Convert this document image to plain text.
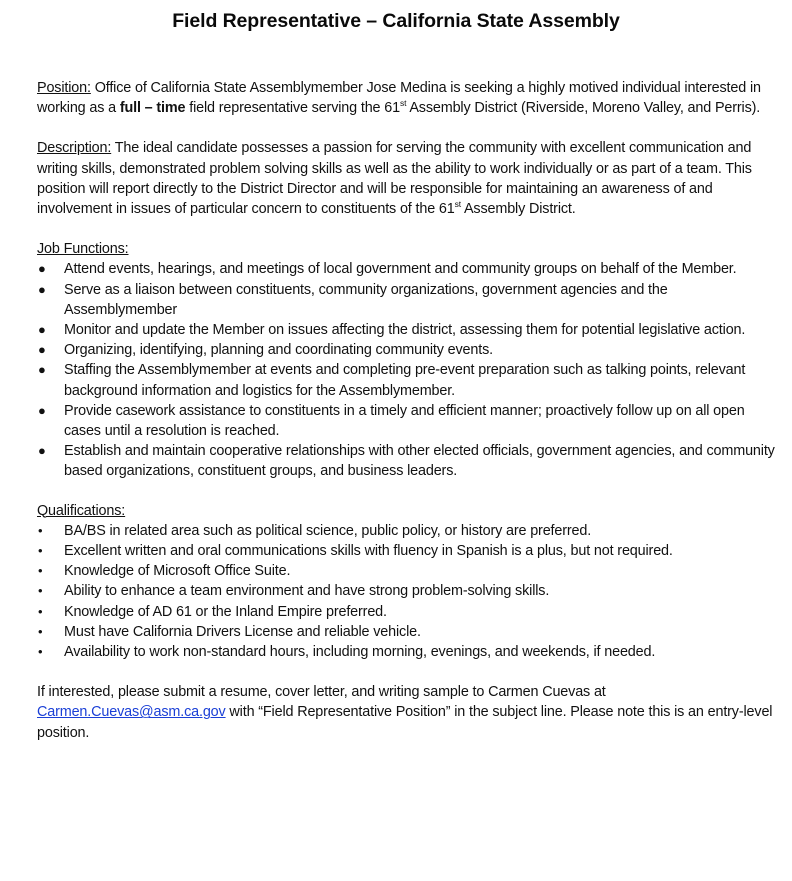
Field Representative – California State Assembly

Position: Office of California State Assemblymember Jose Medina is seeking a highly motived individual interested in working as a full – time field representative serving the 61st Assembly District (Riverside, Moreno Valley, and Perris).

Description: The ideal candidate possesses a passion for serving the community with excellent communication and writing skills, demonstrated problem solving skills as well as the ability to work individually or as part of a team. This position will report directly to the District Director and will be responsible for maintaining an awareness of and involvement in issues of particular concern to constituents of the 61st Assembly District.

Job Functions:

● Attend events, hearings, and meetings of local government and community groups on behalf of the Member.
● Serve as a liaison between constituents, community organizations, government agencies and the Assemblymember
● Monitor and update the Member on issues affecting the district, assessing them for potential legislative action.
● Organizing, identifying, planning and coordinating community events.
● Staffing the Assemblymember at events and completing pre-event preparation such as talking points, relevant background information and logistics for the Assemblymember.
● Provide casework assistance to constituents in a timely and efficient manner; proactively follow up on all open cases until a resolution is reached.
● Establish and maintain cooperative relationships with other elected officials, government agencies, and community based organizations, constituent groups, and business leaders.

Qualifications:

• BA/BS in related area such as political science, public policy, or history are preferred.
• Excellent written and oral communications skills with fluency in Spanish is a plus, but not required.
• Knowledge of Microsoft Office Suite.
• Ability to enhance a team environment and have strong problem-solving skills.
• Knowledge of AD 61 or the Inland Empire preferred.
• Must have California Drivers License and reliable vehicle.
• Availability to work non-standard hours, including morning, evenings, and weekends, if needed.

If interested, please submit a resume, cover letter, and writing sample to Carmen Cuevas at
Carmen.Cuevas@asm.ca.gov with “Field Representative Position” in the subject line. Please note this is an entry-level position.
